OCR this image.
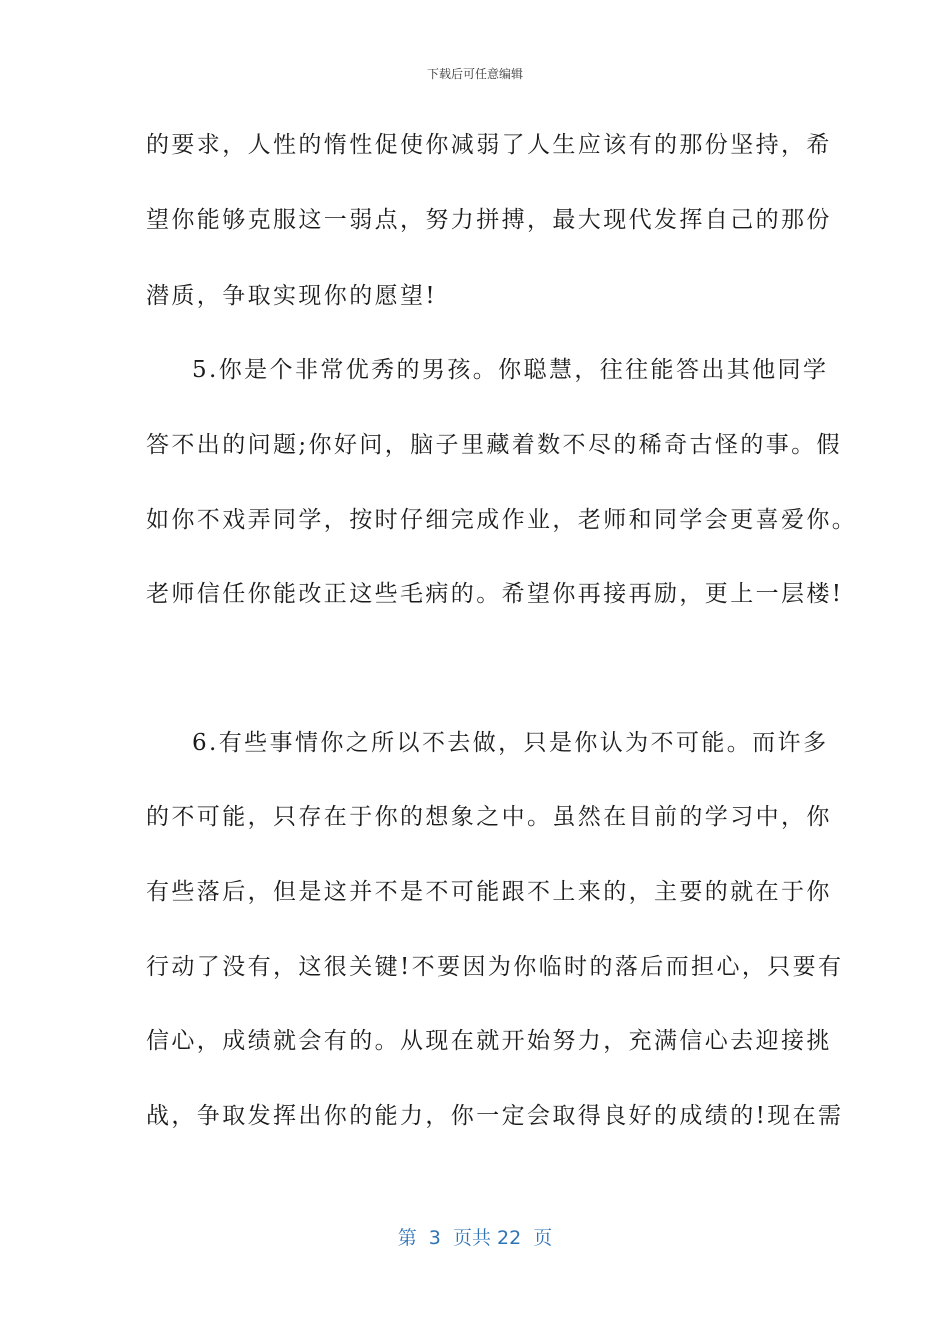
下载后可任意编辑
的要求，人性的惰性促使你减弱了人生应该有的那份坚持，希
望你能够克服这一弱点，努力拼搏，最大现代发挥自己的那份
潜质，争取实现你的愿望!
5.你是个非常优秀的男孩。你聪慧，往往能答出其他同学
答不出的问题;你好问，脑子里藏着数不尽的稀奇古怪的事。假
如你不戏弄同学，按时仔细完成作业，老师和同学会更喜爱你。
老师信任你能改正这些毛病的。希望你再接再励，更上一层楼!
6.有些事情你之所以不去做，只是你认为不可能。而许多
的不可能，只存在于你的想象之中。虽然在目前的学习中，你
有些落后，但是这并不是不可能跟不上来的，主要的就在于你
行动了没有，这很关键!不要因为你临时的落后而担心，只要有
信心，成绩就会有的。从现在就开始努力，充满信心去迎接挑
战，争取发挥出你的能力，你一定会取得良好的成绩的!现在需
第  3  页共 22  页
